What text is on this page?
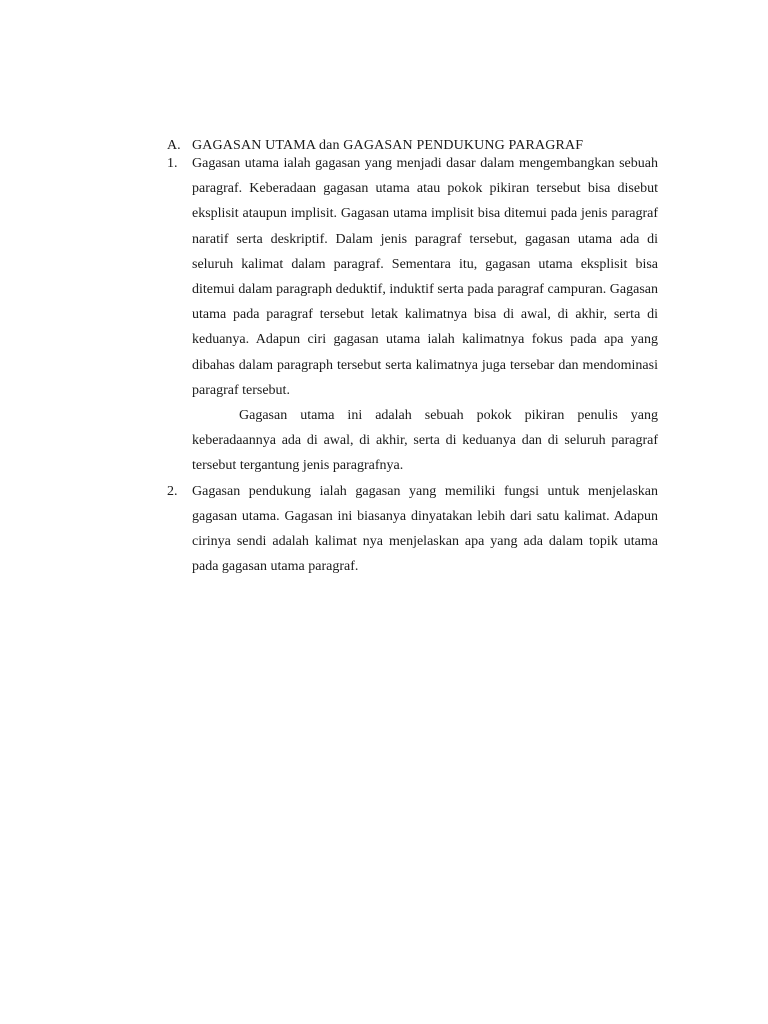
A. GAGASAN UTAMA dan GAGASAN PENDUKUNG PARAGRAF
1.	Gagasan utama ialah gagasan yang menjadi dasar dalam mengembangkan sebuah paragraf. Keberadaan gagasan utama atau pokok pikiran tersebut bisa disebut eksplisit ataupun implisit. Gagasan utama implisit bisa ditemui pada jenis paragraf naratif serta deskriptif. Dalam jenis paragraf tersebut, gagasan utama ada di seluruh kalimat dalam paragraf. Sementara itu, gagasan utama eksplisit bisa ditemui dalam paragraph deduktif, induktif serta pada paragraf campuran. Gagasan utama pada paragraf tersebut letak kalimatnya bisa di awal, di akhir, serta di keduanya. Adapun ciri gagasan utama ialah kalimatnya fokus pada apa yang dibahas dalam paragraph tersebut serta kalimatnya juga tersebar dan mendominasi paragraf tersebut.

Gagasan utama ini adalah sebuah pokok pikiran penulis yang keberadaannya ada di awal, di akhir, serta di keduanya dan di seluruh paragraf tersebut tergantung jenis paragrafnya.

2.	Gagasan pendukung ialah gagasan yang memiliki fungsi untuk menjelaskan gagasan utama. Gagasan ini biasanya dinyatakan lebih dari satu kalimat. Adapun cirinya sendi adalah kalimat nya menjelaskan apa yang ada dalam topik utama pada gagasan utama paragraf.
